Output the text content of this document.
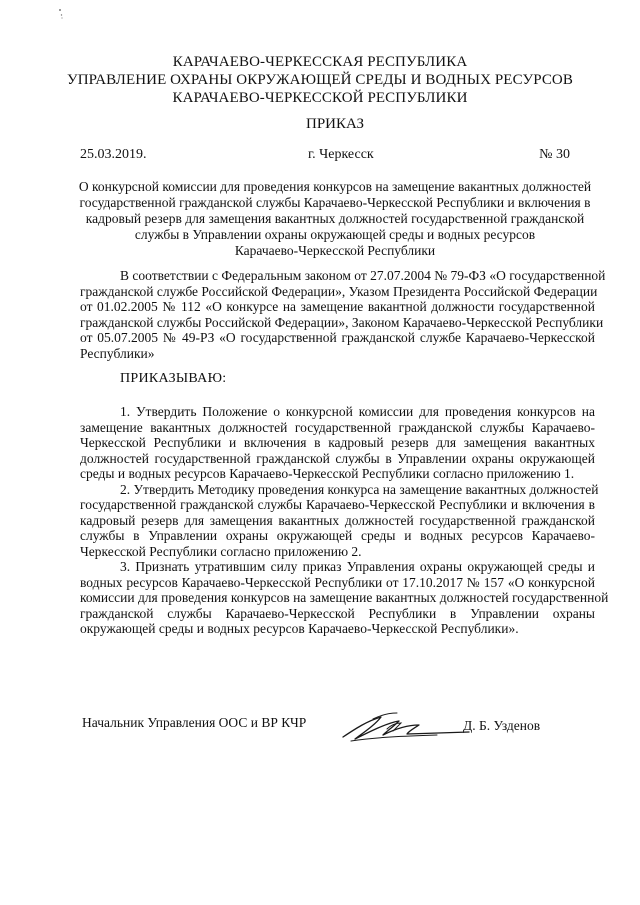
КАРАЧАЕВО-ЧЕРКЕССКАЯ РЕСПУБЛИКА
УПРАВЛЕНИЕ ОХРАНЫ ОКРУЖАЮЩЕЙ СРЕДЫ И ВОДНЫХ РЕСУРСОВ
КАРАЧАЕВО-ЧЕРКЕССКОЙ РЕСПУБЛИКИ
ПРИКАЗ
25.03.2019.	г. Черкесск	№ 30
О конкурсной комиссии для проведения конкурсов на замещение вакантных должностей
государственной гражданской службы Карачаево-Черкесской Республики и включения в
кадровый резерв для замещения вакантных должностей государственной гражданской
службы в Управлении охраны окружающей среды и водных ресурсов
Карачаево-Черкесской Республики
В соответствии с Федеральным законом от 27.07.2004 № 79-ФЗ «О государственной
гражданской службе Российской Федерации», Указом Президента Российской Федерации
от 01.02.2005 № 112 «О конкурсе на замещение вакантной должности государственной
гражданской службы Российской Федерации», Законом Карачаево-Черкесской Республики
от 05.07.2005 № 49-РЗ «О государственной гражданской службе Карачаево-Черкесской
Республики»
ПРИКАЗЫВАЮ:
1. Утвердить Положение о конкурсной комиссии для проведения конкурсов на
замещение вакантных должностей государственной гражданской службы Карачаево-
Черкесской Республики и включения в кадровый резерв для замещения вакантных
должностей государственной гражданской службы в Управлении охраны окружающей
среды и водных ресурсов Карачаево-Черкесской Республики согласно приложению 1.
2. Утвердить Методику проведения конкурса на замещение вакантных должностей
государственной гражданской службы Карачаево-Черкесской Республики и включения в
кадровый резерв для замещения вакантных должностей государственной гражданской
службы в Управлении охраны окружающей среды и водных ресурсов Карачаево-
Черкесской Республики согласно приложению 2.
3. Признать утратившим силу приказ Управления охраны окружающей среды и
водных ресурсов Карачаево-Черкесской Республики от 17.10.2017 № 157 «О конкурсной
комиссии для проведения конкурсов на замещение вакантных должностей государственной
гражданской службы Карачаево-Черкесской Республики в Управлении охраны
окружающей среды и водных ресурсов Карачаево-Черкесской Республики».
Начальник Управления ООС и ВР КЧР	Д. Б. Узденов
